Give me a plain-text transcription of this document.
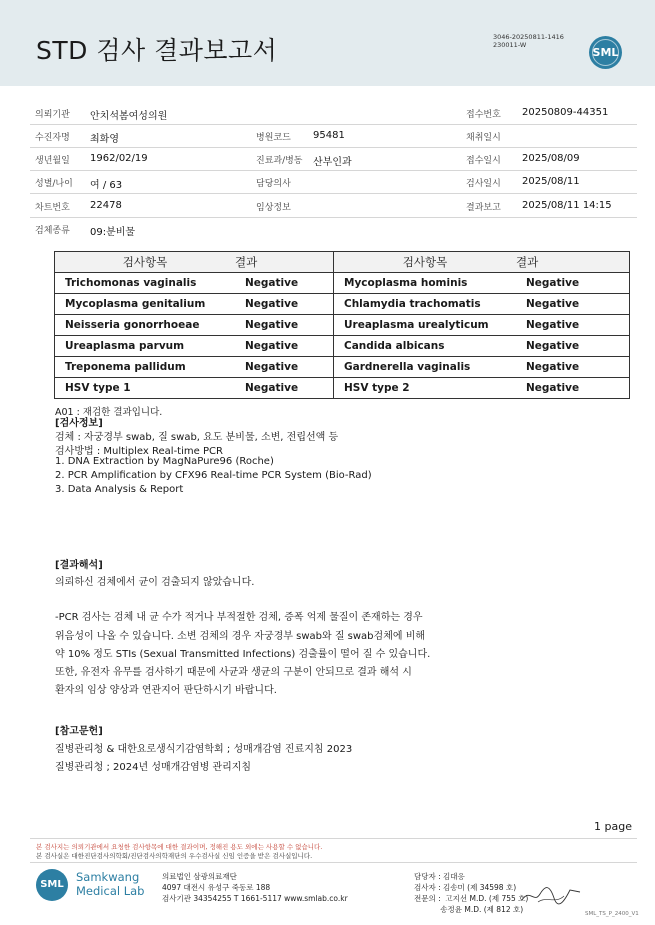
STD 검사 결과보고서	3046-20250811-1416
230011-W
SML
의뢰기관 안치석봄여성의원	접수번호 20250809-44351
수진자명 최화영	병원코드 95481	채취일시
생년월일 1962/02/19	진료과/병동 산부인과	접수일시 2025/08/09
성별/나이 여 / 63	담당의사	검사일시 2025/08/11
차트번호 22478	임상정보	결과보고 2025/08/11 14:15
검체종류 09:분비물
검사항목	결과	검사항목	결과
Trichomonas vaginalis	Negative	Mycoplasma hominis	Negative
Mycoplasma genitalium	Negative	Chlamydia trachomatis	Negative
Neisseria gonorrhoeae	Negative	Ureaplasma urealyticum	Negative
Ureaplasma parvum	Negative	Candida albicans	Negative
Treponema pallidum	Negative	Gardnerella vaginalis	Negative
HSV type 1	Negative	HSV type 2	Negative
A01 : 재검한 결과입니다.
[검사정보]
검체 : 자궁경부 swab, 질 swab, 요도 분비물, 소변, 전립선액 등
검사방법 : Multiplex Real-time PCR
1. DNA Extraction by MagNaPure96 (Roche)
2. PCR Amplification by CFX96 Real-time PCR System (Bio-Rad)
3. Data Analysis & Report
[결과해석]
의뢰하신 검체에서 균이 검출되지 않았습니다.
-PCR 검사는 검체 내 균 수가 적거나 부적절한 검체, 증폭 억제 물질이 존재하는 경우
위음성이 나올 수 있습니다. 소변 검체의 경우 자궁경부 swab와 질 swab검체에 비해
약 10% 정도 STIs (Sexual Transmitted Infections) 검출률이 떨어 질 수 있습니다.
또한, 유전자 유무를 검사하기 때문에 사균과 생균의 구분이 안되므로 결과 해석 시
환자의 임상 양상과 연관지어 판단하시기 바랍니다.
[참고문헌]
질병관리청 & 대한요로생식기감염학회 ; 성매개감염 진료지침 2023
질병관리청 ; 2024년 성매개감염병 관리지침
1 page
본 검사지는 의뢰기관에서 요청한 검사항목에 대한 결과이며, 정해진 용도 외에는 사용할 수 없습니다.
본 검사실은 대한진단검사의학회/진단검사의학재단의 우수검사실 신임 인증을 받은 검사실입니다.
SML
Samkwang
Medical Lab
의료법인 삼광의료재단
4097 대전시 유성구 죽동로 188
검사기관 34354255 T 1661-5117 www.smlab.co.kr
담당자 : 김대응
검사자 : 김송미 (제 34598 호)
전문의 :  고지선 M.D. (제 755 호)
송정윤 M.D. (제 812 호)	SML_TS_P_2400_V1
